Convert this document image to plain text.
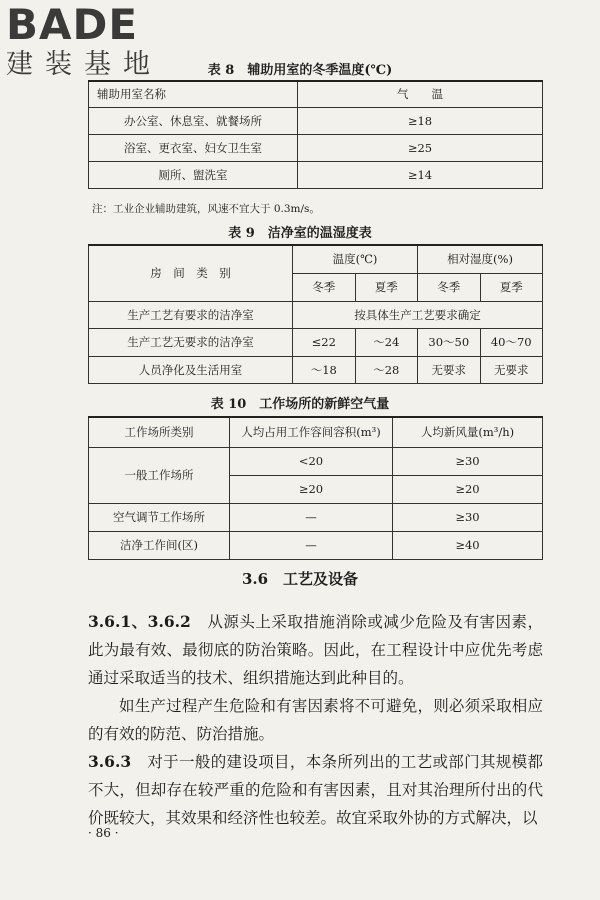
BADE
建装基地	表 8　辅助用室的冬季温度(℃)
辅助用室名称	气　　温
办公室、休息室、就餐场所	≥18
浴室、更衣室、妇女卫生室	≥25
厕所、盥洗室	≥14
注：工业企业辅助建筑，风速不宜大于 0.3m/s。
表 9　洁净室的温湿度表
房　间　类　别	温度(℃)		相对湿度(%)	
	冬季	夏季	冬季	夏季
生产工艺有要求的洁净室	按具体生产工艺要求确定			
生产工艺无要求的洁净室	≤22	～24	30～50	40～70
人员净化及生活用室	～18	～28	无要求	无要求
表 10　工作场所的新鲜空气量
工作场所类别	人均占用工作容间容积(m³)	人均新风量(m³/h)
一般工作场所	<20	≥30
	≥20	≥20
空气调节工作场所	—	≥30
洁净工作间(区)	—	≥40
3.6　工艺及设备
3.6.1、3.6.2　从源头上采取措施消除或减少危险及有害因素，此为最有效、最彻底的防治策略。因此，在工程设计中应优先考虑通过采取适当的技术、组织措施达到此种目的。
如生产过程产生危险和有害因素将不可避免，则必须采取相应的有效的防范、防治措施。
3.6.3　对于一般的建设项目，本条所列出的工艺或部门其规模都不大，但却存在较严重的危险和有害因素，且对其治理所付出的代价既较大，其效果和经济性也较差。故宜采取外协的方式解决，以
· 86 ·
